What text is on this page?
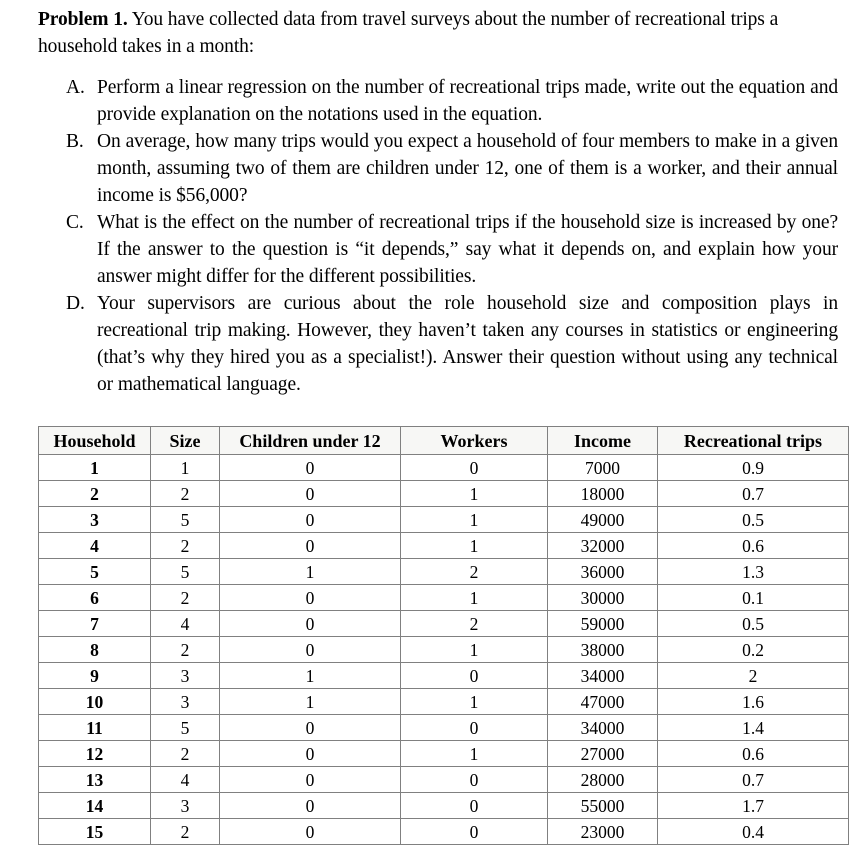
Problem 1. You have collected data from travel surveys about the number of recreational trips a household takes in a month:

A. Perform a linear regression on the number of recreational trips made, write out the equation and provide explanation on the notations used in the equation.
B. On average, how many trips would you expect a household of four members to make in a given month, assuming two of them are children under 12, one of them is a worker, and their annual income is $56,000?
C. What is the effect on the number of recreational trips if the household size is increased by one? If the answer to the question is “it depends,” say what it depends on, and explain how your answer might differ for the different possibilities.
D. Your supervisors are curious about the role household size and composition plays in recreational trip making. However, they haven’t taken any courses in statistics or engineering (that’s why they hired you as a specialist!). Answer their question without using any technical or mathematical language.
Household	Size	Children under 12	Workers	Income	Recreational trips
1	1	0	0	7000	0.9
2	2	0	1	18000	0.7
3	5	0	1	49000	0.5
4	2	0	1	32000	0.6
5	5	1	2	36000	1.3
6	2	0	1	30000	0.1
7	4	0	2	59000	0.5
8	2	0	1	38000	0.2
9	3	1	0	34000	2
10	3	1	1	47000	1.6
11	5	0	0	34000	1.4
12	2	0	1	27000	0.6
13	4	0	0	28000	0.7
14	3	0	0	55000	1.7
15	2	0	0	23000	0.4
